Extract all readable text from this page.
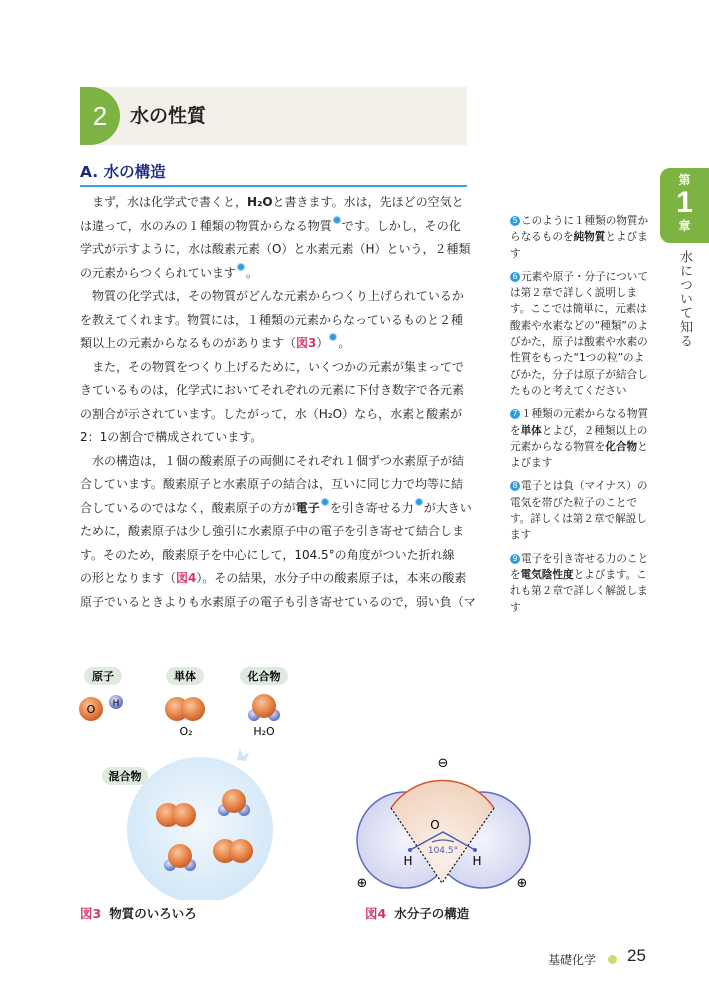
2	水の性質
A. 水の構造
　まず，水は化学式で書くと，H₂Oと書きます。水は，先ほどの空気と
は違って，水のみの１種類の物質からなる物質 です。しかし，その化
学式が示すように，水は酸素元素（O）と水素元素（H）という，２種類
の元素からつくられています 。
　物質の化学式は，その物質がどんな元素からつくり上げられているか
を教えてくれます。物質には，１種類の元素からなっているものと２種
類以上の元素からなるものがあります（図3） 。
　また，その物質をつくり上げるために，いくつかの元素が集まってで
きているものは，化学式においてそれぞれの元素に下付き数字で各元素
の割合が示されています。したがって，水（H₂O）なら，水素と酸素が
2：1の割合で構成されています。
　水の構造は，１個の酸素原子の両側にそれぞれ１個ずつ水素原子が結
合しています。酸素原子と水素原子の結合は，互いに同じ力で均等に結
合しているのではなく，酸素原子の方が電子 を引き寄せる力 が大きい
ために，酸素原子は少し強引に水素原子中の電子を引き寄せて結合しま
す。そのため，酸素原子を中心にして，104.5°の角度がついた折れ線
の形となります（図4）。その結果，水分子中の酸素原子は，本来の酸素
原子でいるときよりも水素原子の電子も引き寄せているので，弱い負（マ
5 このように１種類の物質からなるものを純物質とよびます
6 元素や原子・分子については第２章で詳しく説明します。ここでは簡単に，元素は酸素や水素などの“種類”のよびかた，原子は酸素や水素の性質をもった“1つの粒”のよびかた，分子は原子が結合したものと考えてください
7 １種類の元素からなる物質を単体とよび，２種類以上の元素からなる物質を化合物とよびます
8 電子とは負（マイナス）の電気を帯びた粒子のことです。詳しくは第２章で解説します
9 電子を引き寄せる力のことを電気陰性度とよびます。これも第２章で詳しく解説します
第
1
章
水について知る
原子	単体	化合物
O H
O₂	H₂O
混合物
図3 物質のいろいろ
⊖
O
104.5°
H	H
⊕	⊕
図4 水分子の構造
基礎化学 25
